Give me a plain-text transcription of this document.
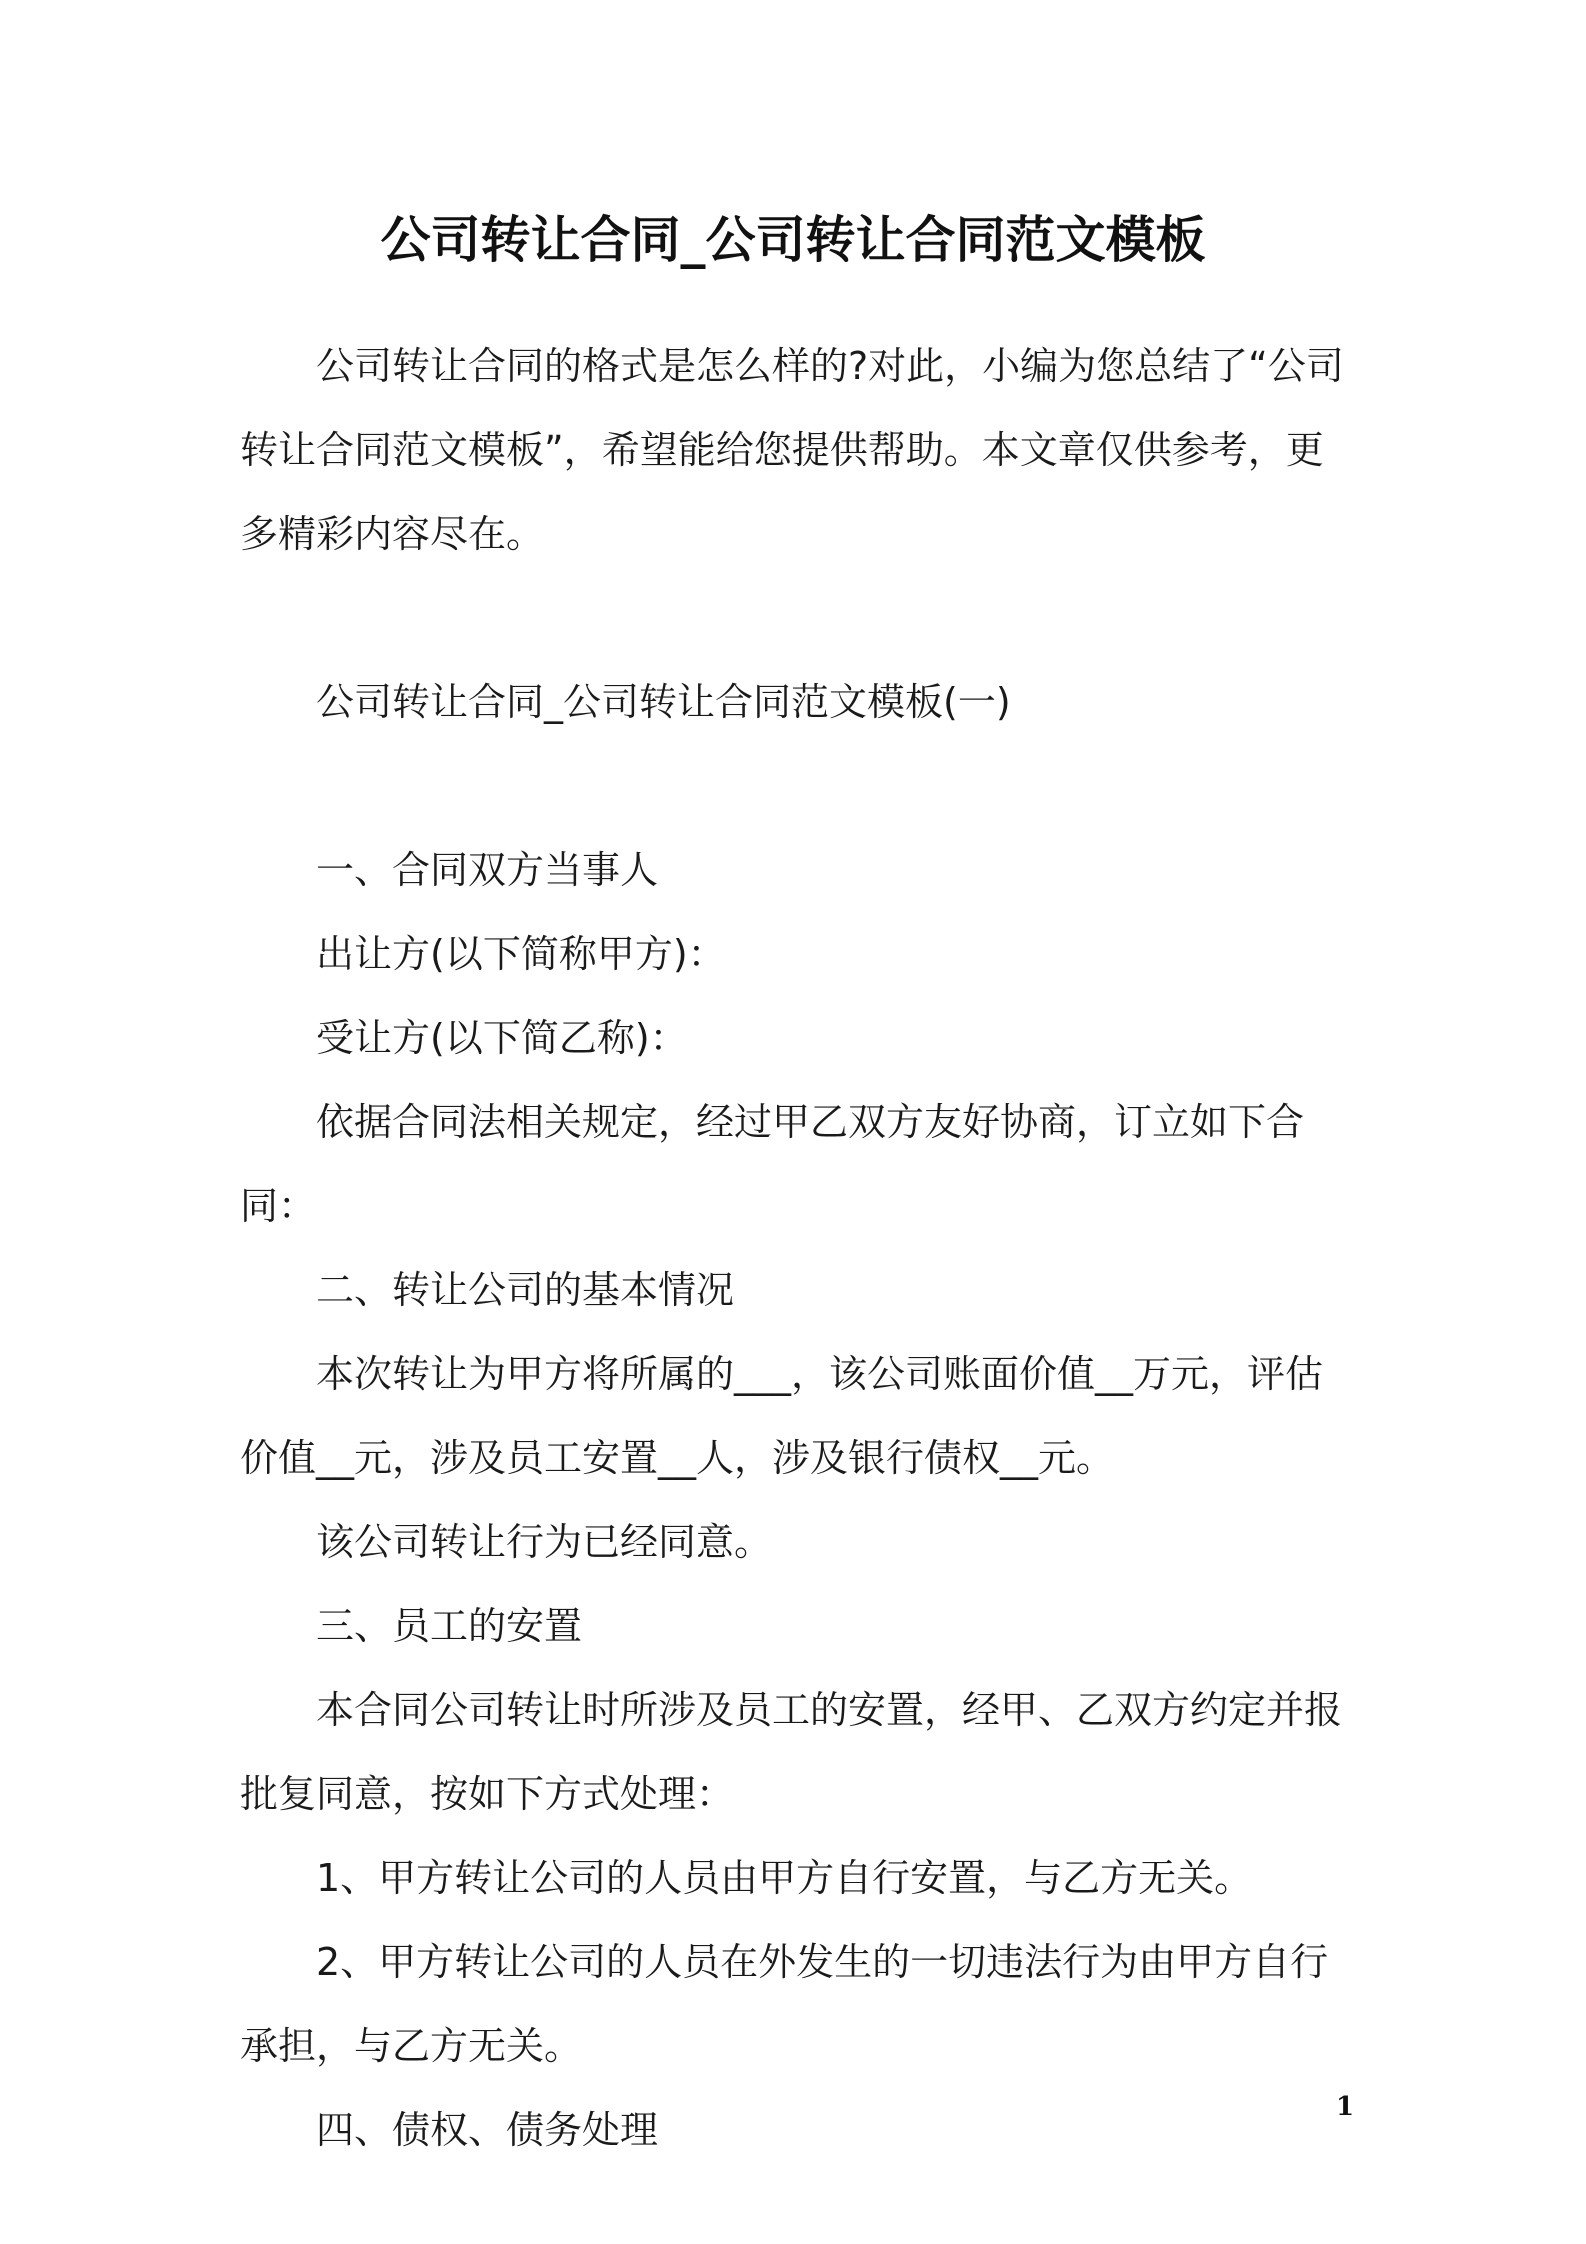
公司转让合同_公司转让合同范文模板

公司转让合同的格式是怎么样的?对此，小编为您总结了“公司转让合同范文模板”，希望能给您提供帮助。本文章仅供参考，更多精彩内容尽在。

公司转让合同_公司转让合同范文模板(一)

一、合同双方当事人

出让方(以下简称甲方)：

受让方(以下简乙称)：

依据合同法相关规定，经过甲乙双方友好协商，订立如下合同：

二、转让公司的基本情况

本次转让为甲方将所属的___，该公司账面价值__万元，评估价值__元，涉及员工安置__人，涉及银行债权__元。

该公司转让行为已经同意。

三、员工的安置

本合同公司转让时所涉及员工的安置，经甲、乙双方约定并报批复同意，按如下方式处理：

1、甲方转让公司的人员由甲方自行安置，与乙方无关。

2、甲方转让公司的人员在外发生的一切违法行为由甲方自行承担，与乙方无关。

四、债权、债务处理

1
